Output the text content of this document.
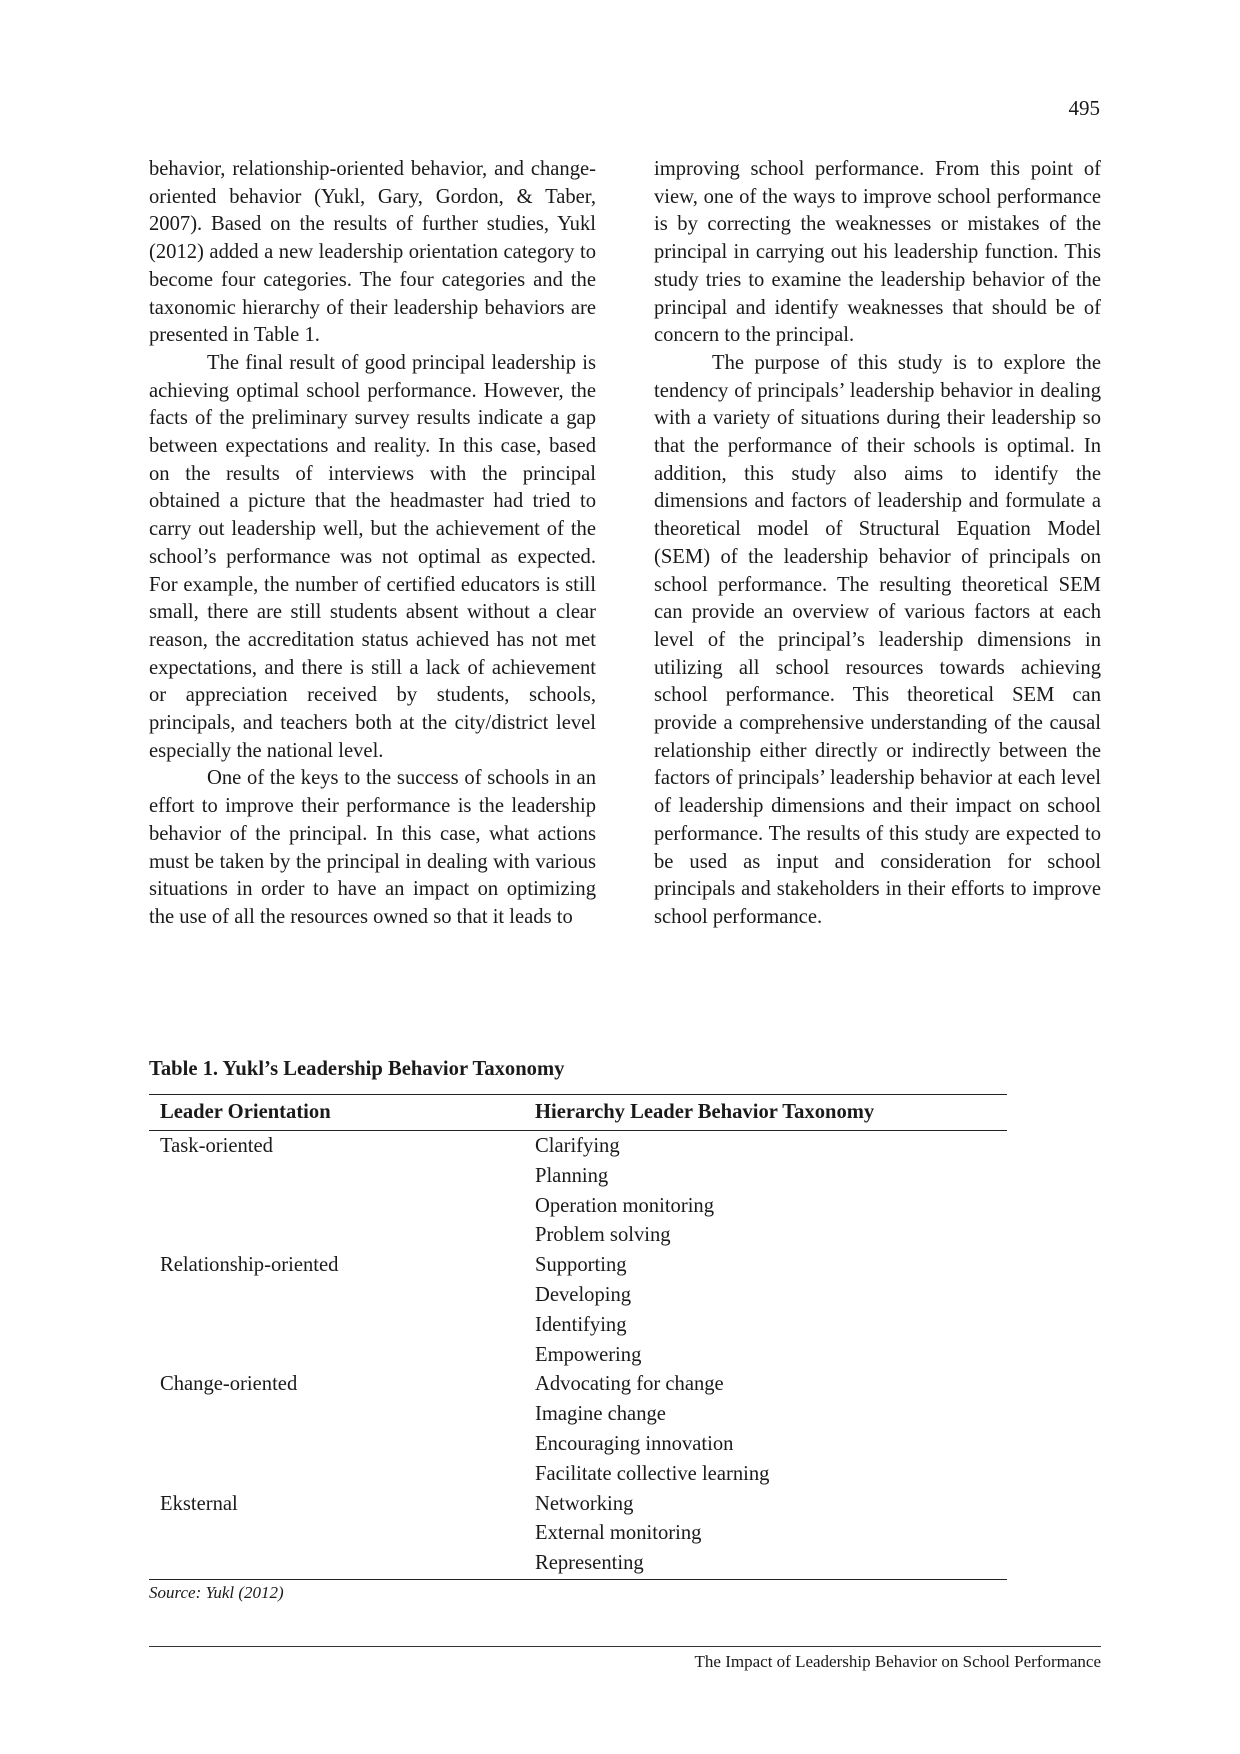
495

behavior, relationship-oriented behavior, and change-oriented behavior (Yukl, Gary, Gordon, & Taber, 2007). Based on the results of further studies, Yukl (2012) added a new leadership orientation category to become four categories. The four categories and the taxonomic hierarchy of their leadership behaviors are presented in Table 1.

The final result of good principal leadership is achieving optimal school performance. However, the facts of the preliminary survey results indicate a gap between expectations and reality. In this case, based on the results of interviews with the principal obtained a picture that the headmaster had tried to carry out leadership well, but the achievement of the school’s performance was not optimal as expected. For example, the number of certified educators is still small, there are still students absent without a clear reason, the accreditation status achieved has not met expectations, and there is still a lack of achievement or appreciation received by students, schools, principals, and teachers both at the city/district level especially the national level.

One of the keys to the success of schools in an effort to improve their performance is the leadership behavior of the principal. In this case, what actions must be taken by the principal in dealing with various situations in order to have an impact on optimizing the use of all the resources owned so that it leads to

improving school performance. From this point of view, one of the ways to improve school performance is by correcting the weaknesses or mistakes of the principal in carrying out his leadership function. This study tries to examine the leadership behavior of the principal and identify weaknesses that should be of concern to the principal.

The purpose of this study is to explore the tendency of principals’ leadership behavior in dealing with a variety of situations during their leadership so that the performance of their schools is optimal. In addition, this study also aims to identify the dimensions and factors of leadership and formulate a theoretical model of Structural Equation Model (SEM) of the leadership behavior of principals on school performance. The resulting theoretical SEM can provide an overview of various factors at each level of the principal’s leadership dimensions in utilizing all school resources towards achieving school performance. This theoretical SEM can provide a comprehensive understanding of the causal relationship either directly or indirectly between the factors of principals’ leadership behavior at each level of leadership dimensions and their impact on school performance. The results of this study are expected to be used as input and consideration for school principals and stakeholders in their efforts to improve school performance.

Table 1. Yukl’s Leadership Behavior Taxonomy
Leader Orientation	Hierarchy Leader Behavior Taxonomy
Task-oriented	Clarifying
Planning
Operation monitoring
Problem solving
Relationship-oriented	Supporting
Developing
Identifying
Empowering
Change-oriented	Advocating for change
Imagine change
Encouraging innovation
Facilitate collective learning
Eksternal	Networking
External monitoring
Representing
Source: Yukl (2012)
The Impact of Leadership Behavior on School Performance
